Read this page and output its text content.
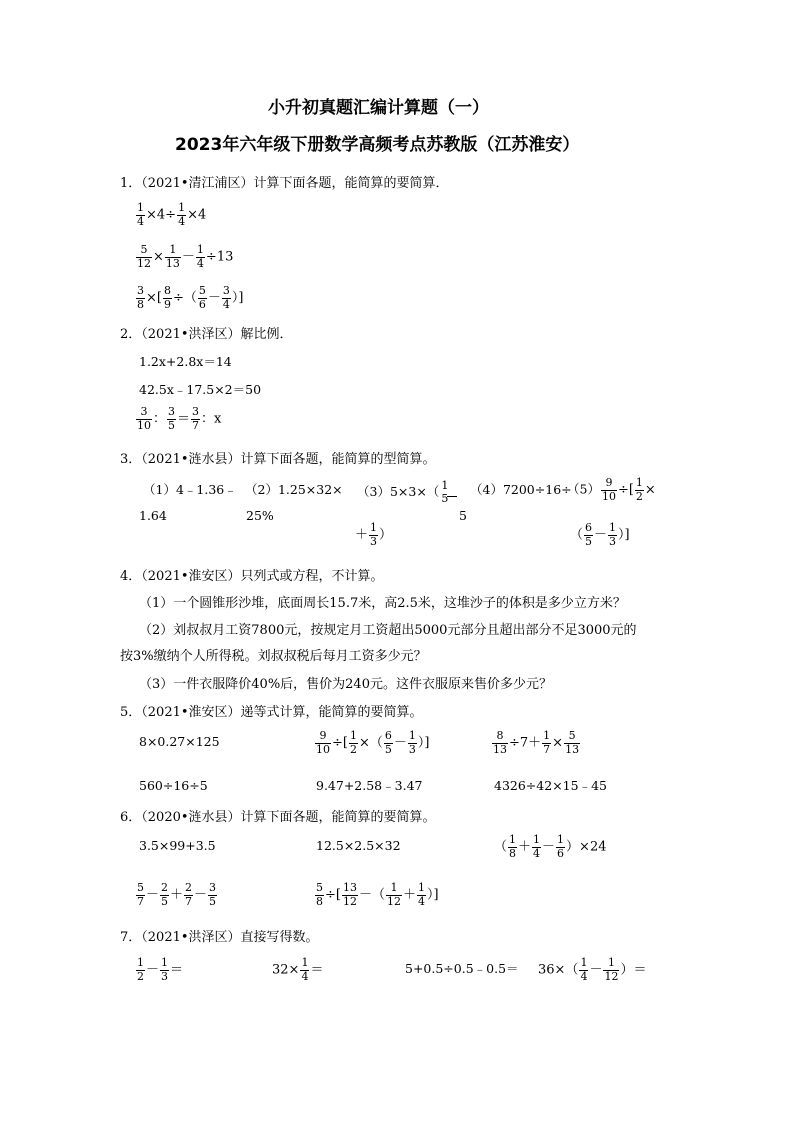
小升初真题汇编计算题（一）
2023年六年级下册数学高频考点苏教版（江苏淮安）
1．（2021•清江浦区）计算下面各题，能简算的要简算．
$\frac{1}{4} \times 4\div \frac{1}{4} \times 4$
$\frac{5}{12} \times \frac{1}{13} - \frac{1}{4} \div 13$
$\frac{3}{8}$ ×[ $\frac{8}{9}$ ÷（ $\frac{5}{6} - \frac{3}{4}$ ）]
2．（2021•洪泽区）解比例．
1.2x+2.8x＝14
42.5x﹣17.5×2＝50
$\frac{3}{10}$ ： $\frac{3}{5} = \frac{3}{7}$ ：x
3．（2021•涟水县）计算下面各题，能简算的型简算。
（1）4﹣1.36﹣
1.64
（2）1.25×32×
25%
（3）5×3×（ 1
5
5
＋ $\frac{1}{3}$ ）
（4）7200÷16÷
$(5) \frac{9}{10}$ ÷[ $\frac{1}{2}$ ×
（ $\frac{6}{5} - \frac{1}{3}$ ）]
4．（2021•淮安区）只列式或方程，不计算。
（1）一个圆锥形沙堆，底面周长15.7米，高2.5米，这堆沙子的体积是多少立方米？
（2）刘叔叔月工资7800元，按规定月工资超出5000元部分且超出部分不足3000元的
按3%缴纳个人所得税。刘叔叔税后每月工资多少元？
（3）一件衣服降价40%后，售价为240元。这件衣服原来售价多少元？
5．（2021•淮安区）递等式计算，能简算的要简算。
8×0.27×125	$\frac{9}{10}$ ÷[ $\frac{1}{2}$ ×（ $\frac{6}{5} - \frac{1}{3}$ ）]	$\frac{8}{13} \div 7+ \frac{1}{7} \times \frac{5}{13}$
560÷16÷5	9.47+2.58﹣3.47	4326÷42×15﹣45
6．（2020•涟水县）计算下面各题，能简算的要简算。
3.5×99+3.5	12.5×2.5×32	（ $\frac{1}{8} + \frac{1}{4} - \frac{1}{6} )\times 24$
$\frac{5}{7} - \frac{2}{5} + \frac{2}{7} - \frac{3}{5}$	$\frac{5}{8}$ ÷[ $\frac{13}{12}$ －（ $\frac{1}{12} + \frac{1}{4}$ ）]
7．（2021•洪泽区）直接写得数。
$\frac{1}{2} - \frac{1}{3}$ ＝	$32\times \frac{1}{4}$ ＝	5+0.5÷0.5﹣0.5＝ $36\times( \frac{1}{4} - \frac{1}{12}$ ）＝
